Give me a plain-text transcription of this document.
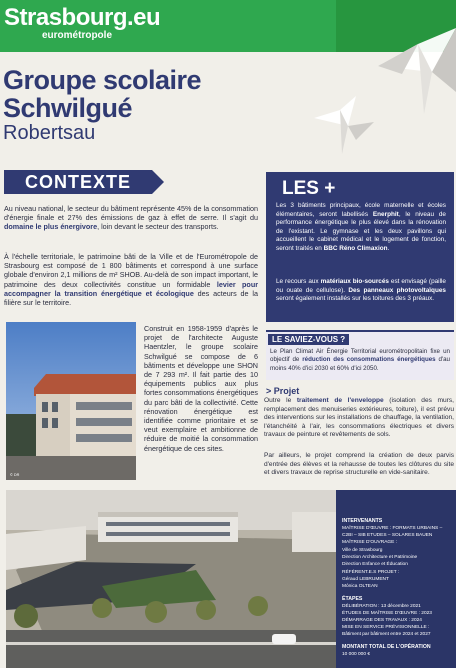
Strasbourg.eu
eurométropole
Groupe scolaire
Schwilgué
Robertsau
CONTEXTE
Au niveau national, le secteur du bâtiment représente 45% de la consommation d'énergie finale et 27% des émissions de gaz à effet de serre. Il s'agit du domaine le plus énergivore, loin devant le secteur des transports.
À l'échelle territoriale, le patrimoine bâti de la Ville et de l'Eurométropole de Strasbourg est composé de 1 800 bâtiments et correspond à une surface globale d'environ 2,1 millions de m² SHOB. Au-delà de son impact important, le patrimoine des deux collectivités constitue un formidable levier pour accompagner la transition énergétique et écologique des acteurs de la filière sur le territoire.
© DR
Construit en 1958-1959 d'après le projet de l'architecte Auguste Haentzler, le groupe scolaire Schwilgué se compose de 6 bâtiments et développe une SHON de 7 293 m². Il fait partie des 10 équipements publics aux plus fortes consommations énergétiques du parc bâti de la collectivité. Cette rénovation énergétique est identifiée comme prioritaire et se veut exemplaire et ambitionne de réduire de moitié la consommation énergétique de ces sites.
LES +

Les 3 bâtiments principaux, école maternelle et écoles élémentaires, seront labellisés Enerphit, le niveau de performance énergétique le plus élevé dans la rénovation de l'existant. Le gymnase et les deux pavillons qui accueillent le cabinet médical et le logement de fonction, seront traités en BBC Réno Climaxion.

Le recours aux matériaux bio-sourcés est envisagé (paille ou ouate de cellulose). Des panneaux photovoltaïques seront également installés sur les toitures des 3 préaux.

LE SAVIEZ-VOUS ?
Le Plan Climat Air Énergie Territorial eurométropolitain fixe un objectif de réduction des consommations énergétiques d'au moins 40% d'ici 2030 et 60% d'ici 2050.
> Projet
Outre le traitement de l'enveloppe (isolation des murs, remplacement des menuiseries extérieures, toiture), il est prévu des interventions sur les installations de chauffage, la ventilation, l'étanchéité à l'air, les consommations électriques et divers travaux de peinture et revêtements de sols.
Par ailleurs, le projet comprend la création de deux parvis d'entrée des élèves et la rehausse de toutes les clôtures du site et divers travaux de reprise structurelle en vide-sanitaire.
INTERVENANTS
MAÎTRISE D'ŒUVRE : FORMATS URBAINS –
C2BI – SIB ETUDES – SOLARES BAUEN
MAÎTRISE D'OUVRAGE :
Ville de Strasbourg
Direction Architecture et Patrimoine
Direction Enfance et Éducation
RÉFÉRENT.E.S PROJET :
Géraud LEBRUMENT
Mónica OLTEAN
ÉTAPES
DÉLIBÉRATION : 13 décembre 2021
ÉTUDES DE MAÎTRISE D'ŒUVRE : 2023
DÉMARRAGE DES TRAVAUX : 2024
MISE EN SERVICE PRÉVISIONNELLE :
Bâtiment par bâtiment entre 2024 et 2027
MONTANT TOTAL DE L'OPÉRATION
10 000 000 €
